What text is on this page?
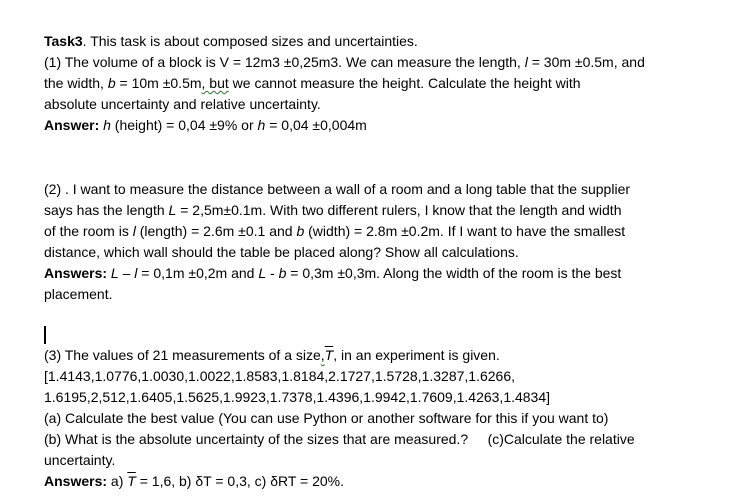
Task3. This task is about composed sizes and uncertainties.
(1) The volume of a block is V = 12m3 ±0,25m3. We can measure the length, l = 30m ±0.5m, and
the width, b = 10m ±0.5m, but we cannot measure the height. Calculate the height with
absolute uncertainty and relative uncertainty.
Answer: h (height) = 0,04 ±9% or h = 0,04 ±0,004m
(2) . I want to measure the distance between a wall of a room and a long table that the supplier
says has the length L = 2,5m±0.1m. With two different rulers, I know that the length and width
of the room is l (length) = 2.6m ±0.1 and b (width) = 2.8m ±0.2m. If I want to have the smallest
distance, which wall should the table be placed along? Show all calculations.
Answers: L – l = 0,1m ±0,2m and L - b = 0,3m ±0,3m. Along the width of the room is the best
placement.
(3) The values of 21 measurements of a $size,\overline{T}$, in an experiment is given.
[1.4143,1.0776,1.0030,1.0022,1.8583,1.8184,2.1727,1.5728,1.3287,1.6266,
1.6195,2,512,1.6405,1.5625,1.9923,1.7378,1.4396,1.9942,1.7609,1.4263,1.4834]
(a) Calculate the best value (You can use Python or another software for this if you want to)
(b) What is the absolute uncertainty of the sizes that are measured.? (c)Calculate the relative
uncertainty.
Answers: a) $\overline{T} = 1,6$, b) δT = 0,3, c) δRT = 20%.
